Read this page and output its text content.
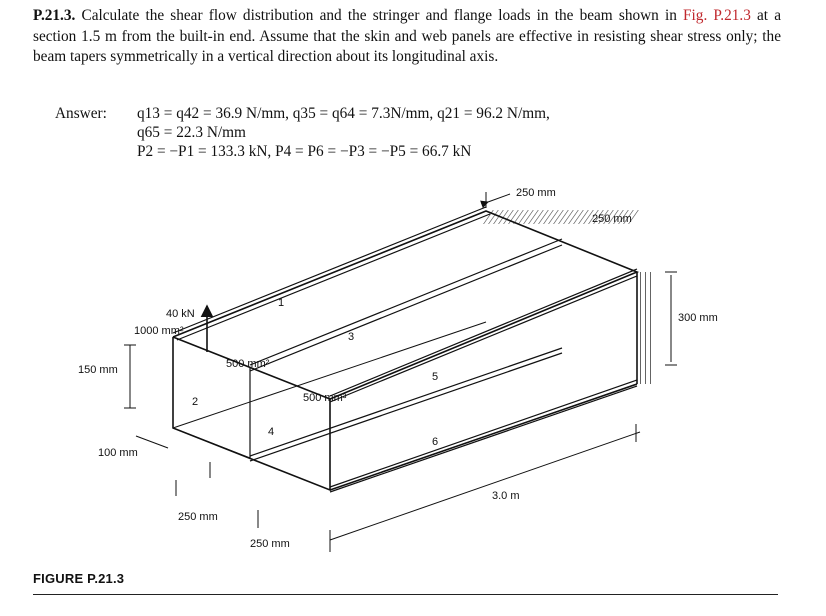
P.21.3. Calculate the shear flow distribution and the stringer and flange loads in the beam shown in Fig. P.21.3 at a section 1.5 m from the built-in end. Assume that the skin and web panels are effective in resisting shear stress only; the beam tapers symmetrically in a vertical direction about its longitudinal axis.
Answer:	q13 = q42 = 36.9 N/mm, q35 = q64 = 7.3N/mm, q21 = 96.2 N/mm,
q65 = 22.3 N/mm
P2 = −P1 = 133.3 kN, P4 = P6 = −P3 = −P5 = 66.7 kN
250 mm
250 mm
300 mm
40 kN
1000 mm²
150 mm	500 mm²
500 mm³
100 mm
250 mm
250 mm
3.0 m
1
2
3
4
5
6
FIGURE P.21.3
